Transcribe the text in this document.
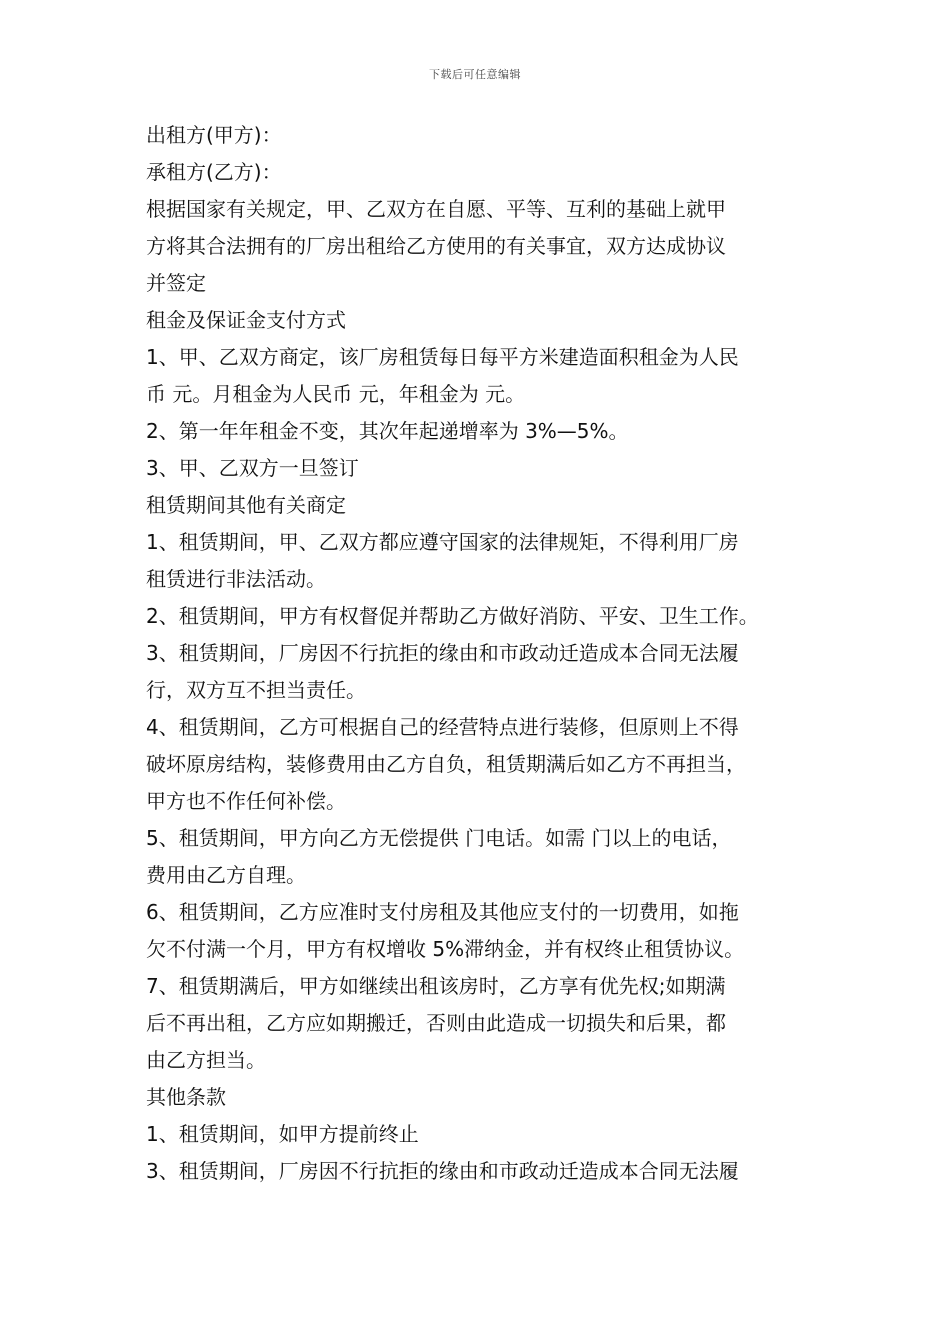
下载后可任意编辑
出租方(甲方)：
承租方(乙方)：
根据国家有关规定，甲、乙双方在自愿、平等、互利的基础上就甲
方将其合法拥有的厂房出租给乙方使用的有关事宜，双方达成协议
并签定
租金及保证金支付方式
1、甲、乙双方商定，该厂房租赁每日每平方米建造面积租金为人民
币 元。月租金为人民币 元，年租金为 元。
2、第一年年租金不变，其次年起递增率为 3%—5%。
3、甲、乙双方一旦签订
租赁期间其他有关商定
1、租赁期间，甲、乙双方都应遵守国家的法律规矩，不得利用厂房
租赁进行非法活动。
2、租赁期间，甲方有权督促并帮助乙方做好消防、平安、卫生工作。
3、租赁期间，厂房因不行抗拒的缘由和市政动迁造成本合同无法履
行，双方互不担当责任。
4、租赁期间，乙方可根据自己的经营特点进行装修，但原则上不得
破坏原房结构，装修费用由乙方自负，租赁期满后如乙方不再担当，
甲方也不作任何补偿。
5、租赁期间，甲方向乙方无偿提供 门电话。如需 门以上的电话，
费用由乙方自理。
6、租赁期间，乙方应准时支付房租及其他应支付的一切费用，如拖
欠不付满一个月，甲方有权增收 5%滞纳金，并有权终止租赁协议。
7、租赁期满后，甲方如继续出租该房时，乙方享有优先权;如期满
后不再出租，乙方应如期搬迁，否则由此造成一切损失和后果，都
由乙方担当。
其他条款
1、租赁期间，如甲方提前终止
3、租赁期间，厂房因不行抗拒的缘由和市政动迁造成本合同无法履
